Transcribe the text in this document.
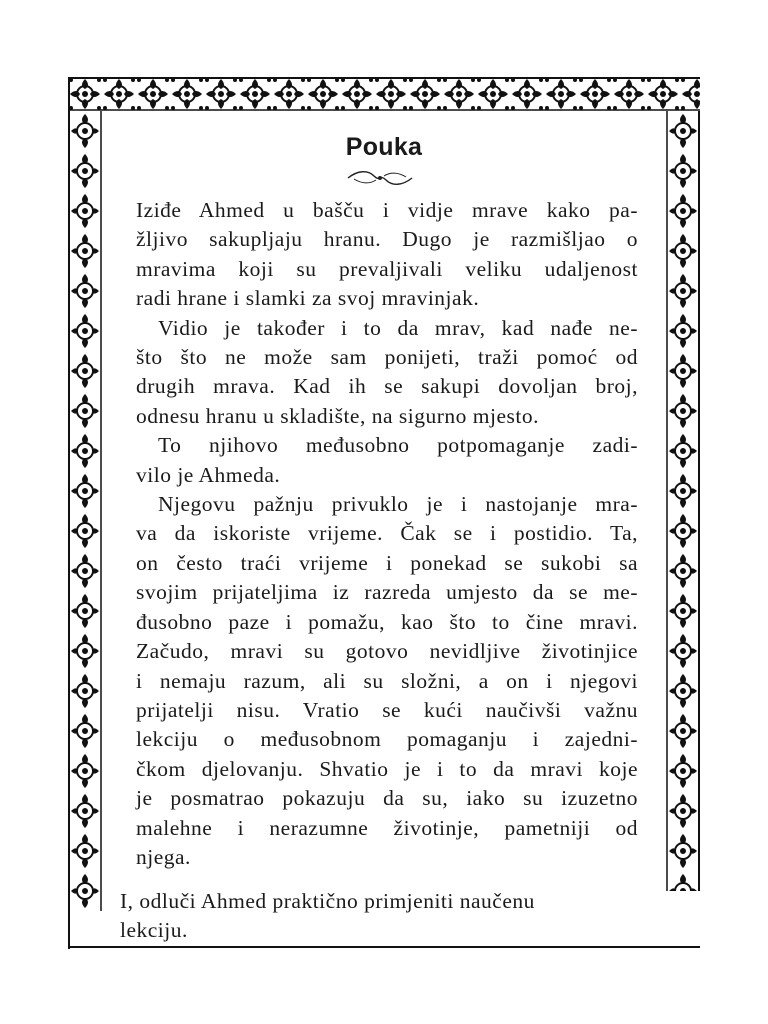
Pouka
Iziđe Ahmed u bašču i vidje mrave kako pa-
žljivo sakupljaju hranu. Dugo je razmišljao o
mravima koji su prevaljivali veliku udaljenost
radi hrane i slamki za svoj mravinjak.
Vidio je također i to da mrav, kad nađe ne-
što što ne može sam ponijeti, traži pomoć od
drugih mrava. Kad ih se sakupi dovoljan broj,
odnesu hranu u skladište, na sigurno mjesto.
To njihovo međusobno potpomaganje zadi-
vilo je Ahmeda.
Njegovu pažnju privuklo je i nastojanje mra-
va da iskoriste vrijeme. Čak se i postidio. Ta,
on često traći vrijeme i ponekad se sukobi sa
svojim prijateljima iz razreda umjesto da se me-
đusobno paze i pomažu, kao što to čine mravi.
Začudo, mravi su gotovo nevidljive životinjice
i nemaju razum, ali su složni, a on i njegovi
prijatelji nisu. Vratio se kući naučivši važnu
lekciju o međusobnom pomaganju i zajedni-
čkom djelovanju. Shvatio je i to da mravi koje
je posmatrao pokazuju da su, iako su izuzetno
malehne i nerazumne životinje, pametniji od
njega.
I, odluči Ahmed praktično primjeniti naučenu
lekciju.
